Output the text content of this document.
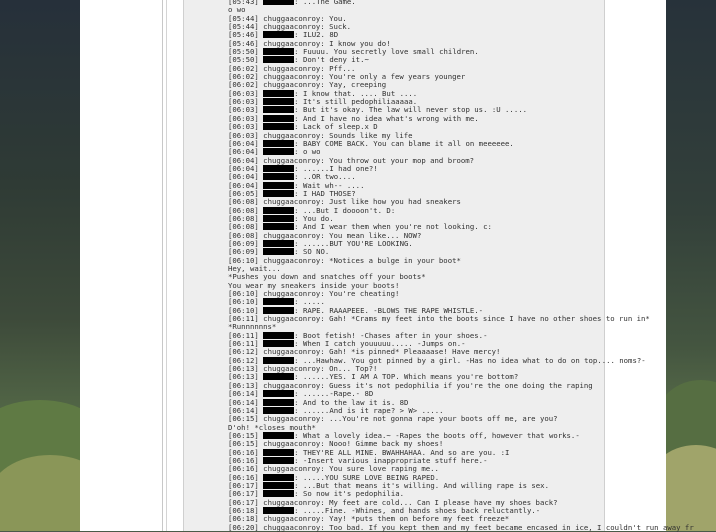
[05:43]	: ...The Game.
o wo
[05:44] chuggaaconroy: You.
[05:44] chuggaaconroy: Suck.
[05:46]	: ILU2. 8D
[05:46] chuggaaconroy: I know you do!
[05:50]	: Fuuuu. You secretly love small children.
[05:50]	: Don't deny it.~
[06:02] chuggaaconroy: Pff...
[06:02] chuggaaconroy: You're only a few years younger
[06:02] chuggaaconroy: Yay, creeping
[06:03]	: I know that. .... But ....
[06:03]	: It's still pedophiliaaaaa.
[06:03]	: But it's okay. The law will never stop us. :U .....
[06:03]	: And I have no idea what's wrong with me.
[06:03]	: Lack of sleep.x D
[06:03] chuggaaconroy: Sounds like my life
[06:04]	: BABY COME BACK. You can blame it all on meeeeee.
[06:04]	: o wo
[06:04] chuggaaconroy: You throw out your mop and broom?
[06:04]	: ......I had one?!
[06:04]	: ..OR two....
[06:04]	: Wait wh-- ....
[06:05]	: I HAD THOSE?
[06:08] chuggaaconroy: Just like how you had sneakers
[06:08]	: ...But I doooon't. D:
[06:08]	: You do.
[06:08]	: And I wear them when you're not looking. c:
[06:08] chuggaaconroy: You mean like... NOW?
[06:09]	: ......BUT YOU'RE LOOKING.
[06:09]	: SO NO.
[06:10] chuggaaconroy: *Notices a bulge in your boot*
Hey, wait...
*Pushes you down and snatches off your boots*
You wear my sneakers inside your boots!
[06:10] chuggaaconroy: You're cheating!
[06:10]	: .....
[06:10]	: RAPE. RAAAPEEE. -BLOWS THE RAPE WHISTLE.-
[06:11] chuggaaconroy: Gah! *Crams my feet into the boots since I have no other shoes to run in*
*Runnnnnns*
[06:11]	: Boot fetish! -Chases after in your shoes.-
[06:11]	: When I catch youuuuu..... -Jumps on.-
[06:12] chuggaaconroy: Gah! *is pinned* Pleaaaase! Have mercy!
[06:12]	: ...Hawhaw. You got pinned by a girl. -Has no idea what to do on top.... noms?-
[06:13] chuggaaconroy: On... Top?!
[06:13]	: ......YES. I AM A TOP. Which means you're bottom?
[06:13] chuggaaconroy: Guess it's not pedophilia if you're the one doing the raping
[06:14]	: ......-Rape.- 8D
[06:14]	: And to the law it is. 8D
[06:14]	: ......And is it rape? > W> .....
[06:15] chuggaaconroy: ...You're not gonna rape your boots off me, are you?
D'oh! *closes mouth*
[06:15]	: What a lovely idea.~ -Rapes the boots off, however that works.-
[06:15] chuggaaconroy: Nooo! Gimme back my shoes!
[06:16]	: THEY'RE ALL MINE. BWAHHAHAA. And so are you. :I
[06:16]	: -Insert various inappropriate stuff here.-
[06:16] chuggaaconroy: You sure love raping me..
[06:16]	: .....YOU SURE LOVE BEING RAPED.
[06:17]	: ...But that means it's willing. And willing rape is sex.
[06:17]	: So now it's pedophilia.
[06:17] chuggaaconroy: My feet are cold... Can I please have my shoes back?
[06:18]	: .....Fine. -Whines, and hands shoes back reluctantly.-
[06:18] chuggaaconroy: Yay! *puts them on before my feet freeze*
[06:20] chuggaaconroy: Too bad. If you kept them and my feet became encased in ice, I couldn't run away fr
